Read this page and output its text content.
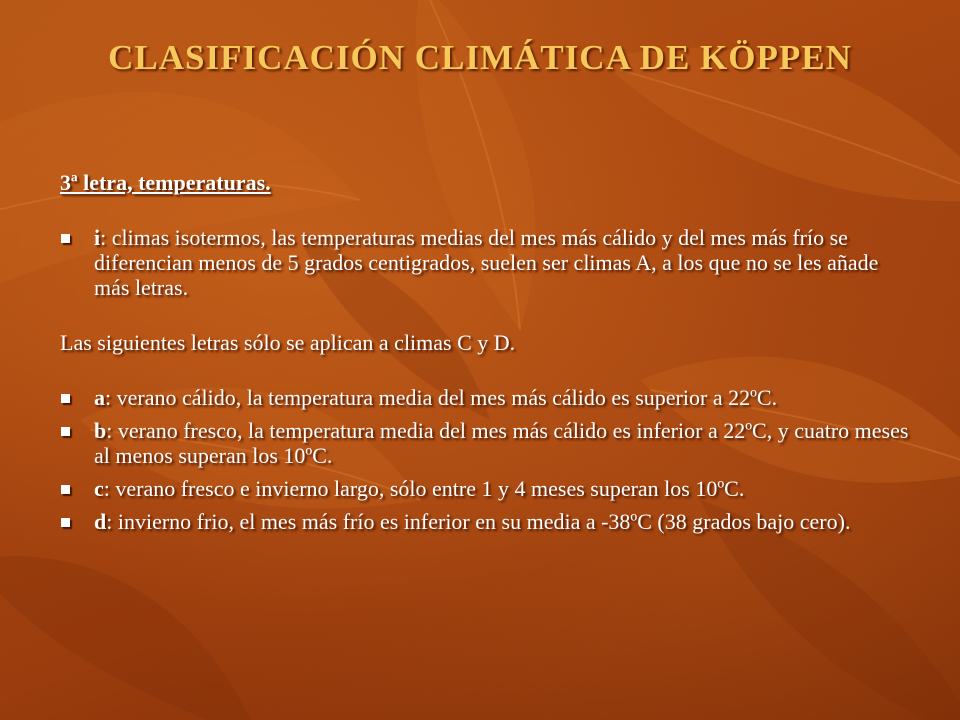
CLASIFICACIÓN CLIMÁTICA DE KÖPPEN
3ª letra, temperaturas.
i: climas isotermos, las temperaturas medias del mes más cálido y del mes más frío se diferencian menos de 5 grados centigrados, suelen ser climas A, a los que no se les añade más letras.
Las siguientes letras sólo se aplican a climas C y D.
a: verano cálido, la temperatura media del mes más cálido es superior a 22ºC.
b: verano fresco, la temperatura media del mes más cálido es inferior a 22ºC, y cuatro meses al menos superan los 10ºC.
c: verano fresco e invierno largo, sólo entre 1 y 4 meses superan los 10ºC.
d: invierno frio, el mes más frío es inferior en su media a -38ºC (38 grados bajo cero).
